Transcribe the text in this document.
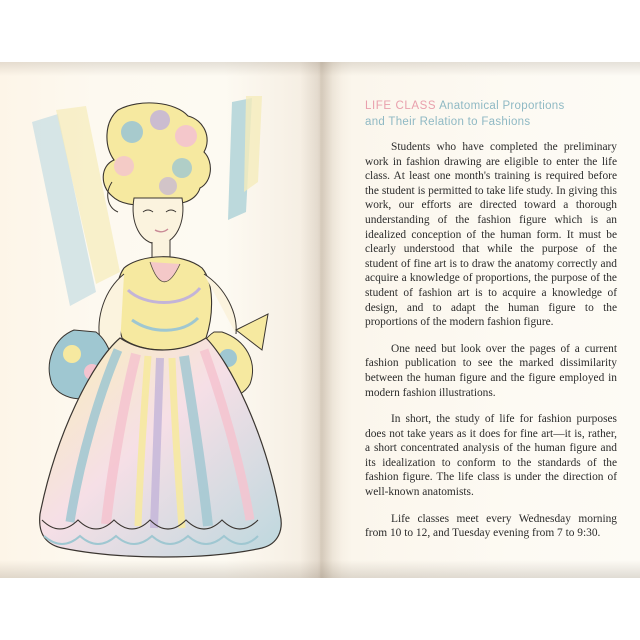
LIFE CLASS Anatomical Proportions
and Their Relation to Fashions

Students who have completed the preliminary work in fashion drawing are eligible to enter the life class. At least one month's training is required before the student is permitted to take life study. In giving this work, our efforts are directed toward a thorough understanding of the fashion figure which is an idealized conception of the human form. It must be clearly understood that while the purpose of the student of fine art is to draw the anatomy correctly and acquire a knowledge of proportions, the purpose of the student of fashion art is to acquire a knowledge of design, and to adapt the human figure to the proportions of the modern fashion figure.

One need but look over the pages of a current fashion publication to see the marked dissimilarity between the human figure and the figure employed in modern fashion illustrations.

In short, the study of life for fashion purposes does not take years as it does for fine art—it is, rather, a short concentrated analysis of the human figure and its idealization to conform to the standards of the fashion figure. The life class is under the direction of well-known anatomists.

Life classes meet every Wednesday morning from 10 to 12, and Tuesday evening from 7 to 9:30.
